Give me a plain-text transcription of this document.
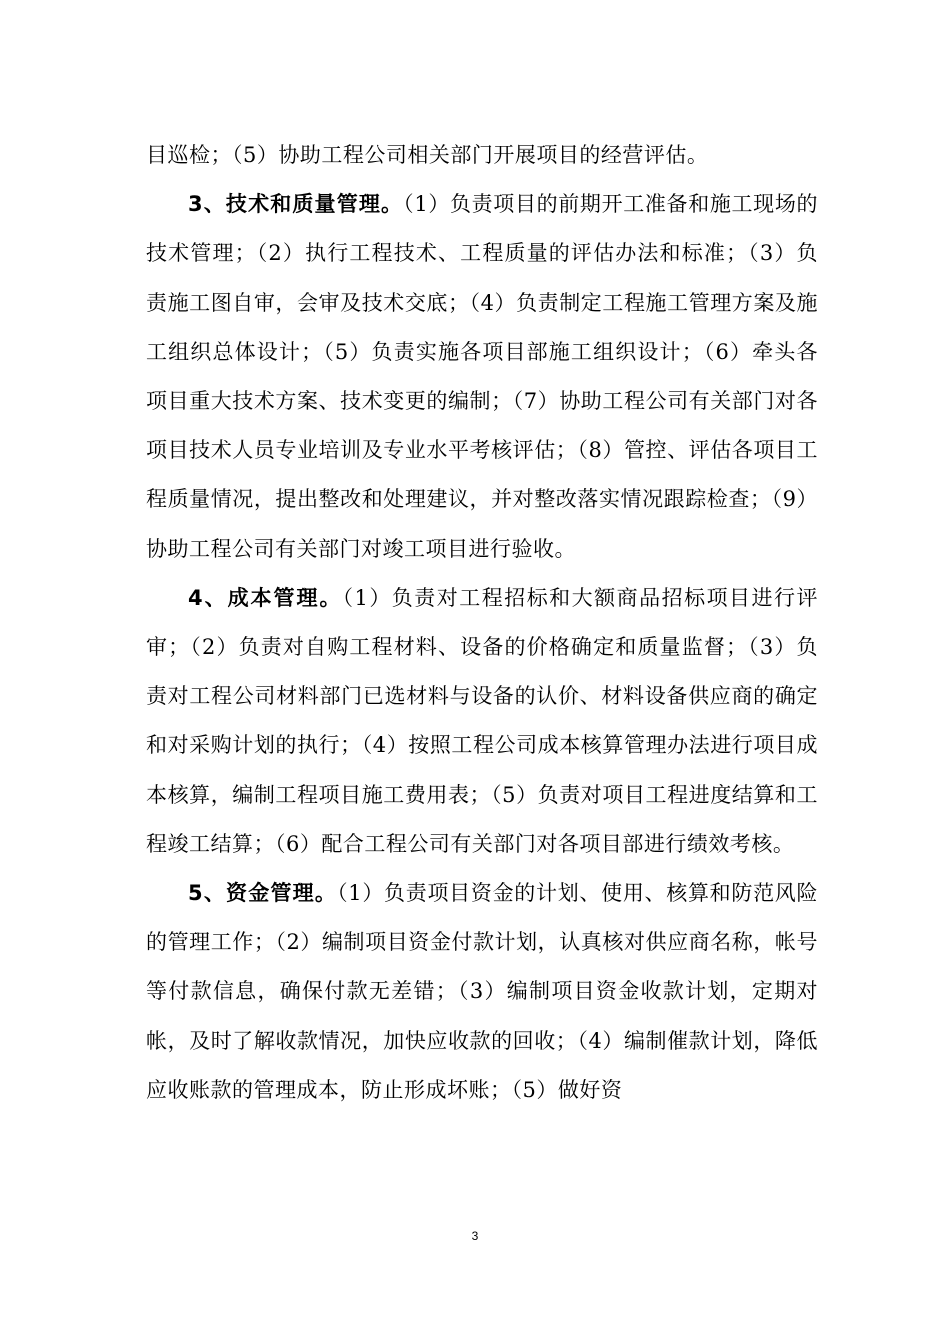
目巡检；（5）协助工程公司相关部门开展项目的经营评估。

3、技术和质量管理。（1）负责项目的前期开工准备和施工现场的技术管理；（2）执行工程技术、工程质量的评估办法和标准；（3）负责施工图自审，会审及技术交底；（4）负责制定工程施工管理方案及施工组织总体设计；（5）负责实施各项目部施工组织设计；（6）牵头各项目重大技术方案、技术变更的编制；（7）协助工程公司有关部门对各项目技术人员专业培训及专业水平考核评估；（8）管控、评估各项目工程质量情况，提出整改和处理建议，并对整改落实情况跟踪检查；（9）协助工程公司有关部门对竣工项目进行验收。

4、成本管理。（1）负责对工程招标和大额商品招标项目进行评审；（2）负责对自购工程材料、设备的价格确定和质量监督；（3）负责对工程公司材料部门已选材料与设备的认价、材料设备供应商的确定和对采购计划的执行；（4）按照工程公司成本核算管理办法进行项目成本核算，编制工程项目施工费用表；（5）负责对项目工程进度结算和工程竣工结算；（6）配合工程公司有关部门对各项目部进行绩效考核。

5、资金管理。（1）负责项目资金的计划、使用、核算和防范风险的管理工作；（2）编制项目资金付款计划，认真核对供应商名称，帐号等付款信息，确保付款无差错；（3）编制项目资金收款计划，定期对帐，及时了解收款情况，加快应收款的回收；（4）编制催款计划，降低应收账款的管理成本，防止形成坏账；（5）做好资

3
